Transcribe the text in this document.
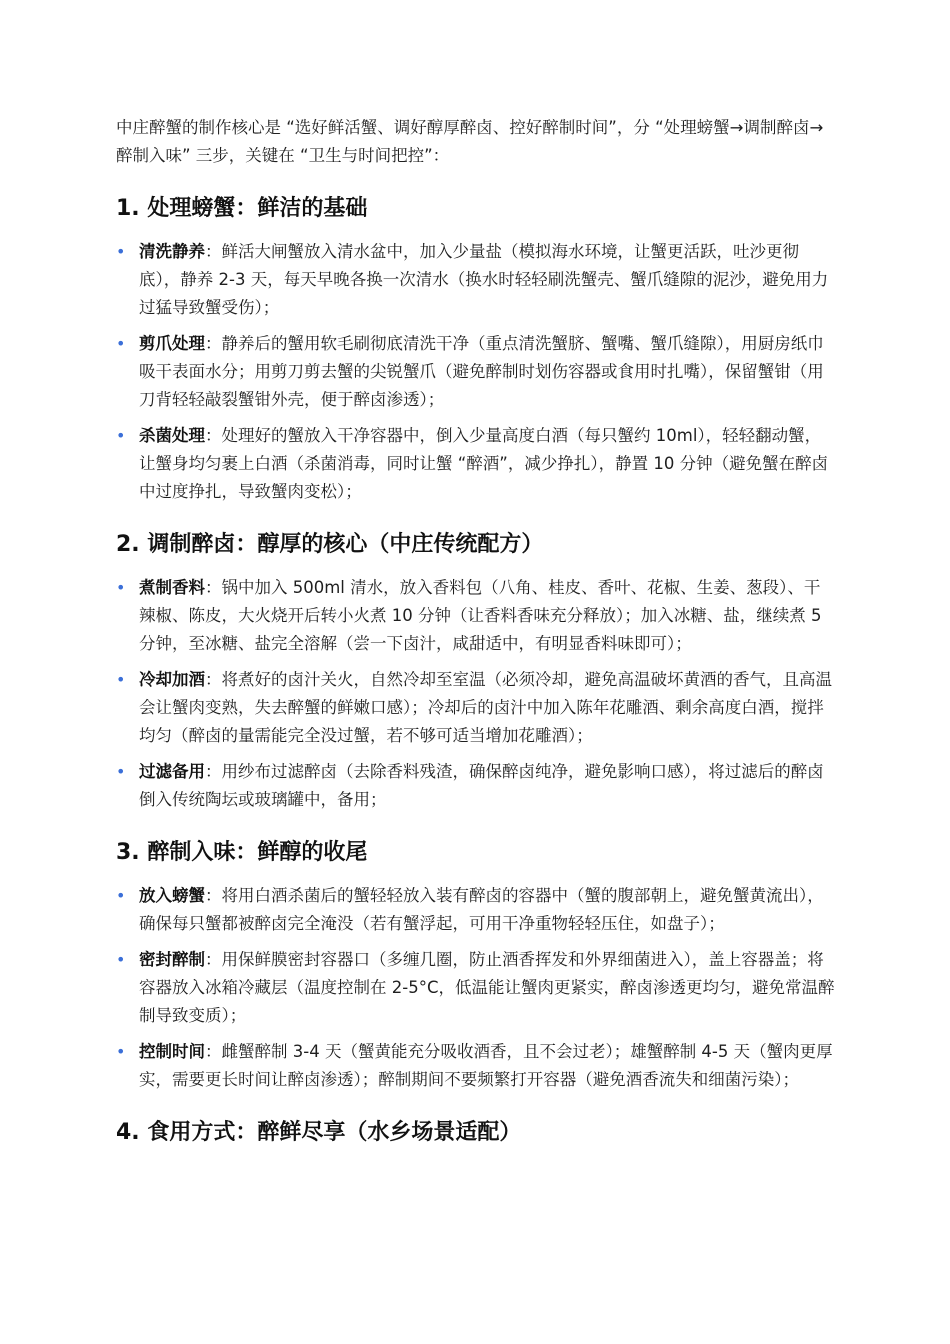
中庄醉蟹的制作核心是 “选好鲜活蟹、调好醇厚醉卤、控好醉制时间”，分 “处理螃蟹→调制醉卤→醉制入味” 三步，关键在 “卫生与时间把控”：

1. 处理螃蟹：鲜洁的基础
• 清洗静养：鲜活大闸蟹放入清水盆中，加入少量盐（模拟海水环境，让蟹更活跃，吐沙更彻底），静养 2-3 天，每天早晚各换一次清水（换水时轻轻刷洗蟹壳、蟹爪缝隙的泥沙，避免用力过猛导致蟹受伤）；
• 剪爪处理：静养后的蟹用软毛刷彻底清洗干净（重点清洗蟹脐、蟹嘴、蟹爪缝隙），用厨房纸巾吸干表面水分；用剪刀剪去蟹的尖锐蟹爪（避免醉制时划伤容器或食用时扎嘴），保留蟹钳（用刀背轻轻敲裂蟹钳外壳，便于醉卤渗透）；
• 杀菌处理：处理好的蟹放入干净容器中，倒入少量高度白酒（每只蟹约 10ml），轻轻翻动蟹，让蟹身均匀裹上白酒（杀菌消毒，同时让蟹 “醉酒”，减少挣扎），静置 10 分钟（避免蟹在醉卤中过度挣扎，导致蟹肉变松）；
2. 调制醉卤：醇厚的核心（中庄传统配方）
• 煮制香料：锅中加入 500ml 清水，放入香料包（八角、桂皮、香叶、花椒、生姜、葱段）、干辣椒、陈皮，大火烧开后转小火煮 10 分钟（让香料香味充分释放）；加入冰糖、盐，继续煮 5 分钟，至冰糖、盐完全溶解（尝一下卤汁，咸甜适中，有明显香料味即可）；
• 冷却加酒：将煮好的卤汁关火，自然冷却至室温（必须冷却，避免高温破坏黄酒的香气，且高温会让蟹肉变熟，失去醉蟹的鲜嫩口感）；冷却后的卤汁中加入陈年花雕酒、剩余高度白酒，搅拌均匀（醉卤的量需能完全没过蟹，若不够可适当增加花雕酒）；
• 过滤备用：用纱布过滤醉卤（去除香料残渣，确保醉卤纯净，避免影响口感），将过滤后的醉卤倒入传统陶坛或玻璃罐中，备用；
3. 醉制入味：鲜醇的收尾
• 放入螃蟹：将用白酒杀菌后的蟹轻轻放入装有醉卤的容器中（蟹的腹部朝上，避免蟹黄流出），确保每只蟹都被醉卤完全淹没（若有蟹浮起，可用干净重物轻轻压住，如盘子）；
• 密封醉制：用保鲜膜密封容器口（多缠几圈，防止酒香挥发和外界细菌进入），盖上容器盖；将容器放入冰箱冷藏层（温度控制在 2-5°C，低温能让蟹肉更紧实，醉卤渗透更均匀，避免常温醉制导致变质）；
• 控制时间：雌蟹醉制 3-4 天（蟹黄能充分吸收酒香，且不会过老）；雄蟹醉制 4-5 天（蟹肉更厚实，需要更长时间让醉卤渗透）；醉制期间不要频繁打开容器（避免酒香流失和细菌污染）；
4. 食用方式：醉鲜尽享（水乡场景适配）
